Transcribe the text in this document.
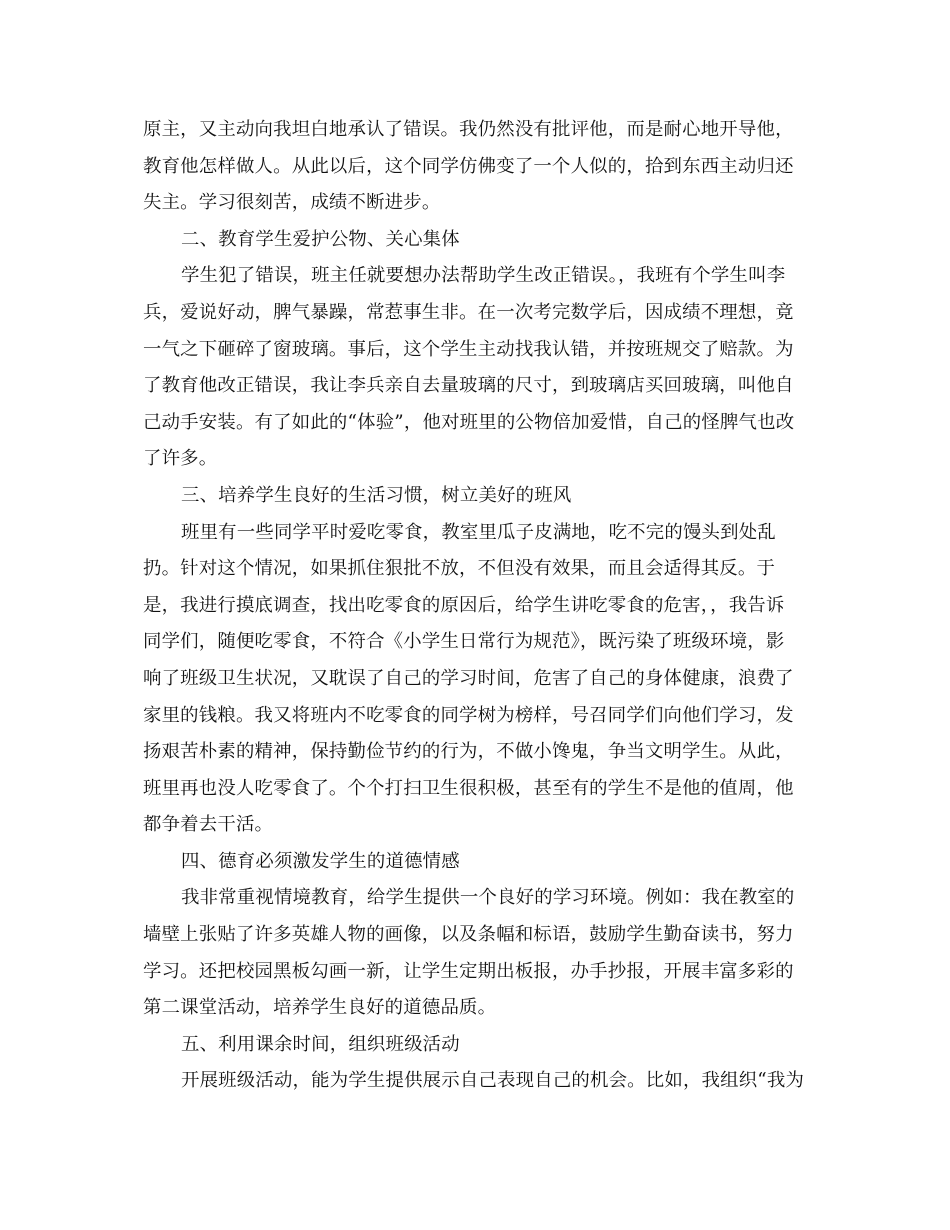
原主，又主动向我坦白地承认了错误。我仍然没有批评他，而是耐心地开导他，
教育他怎样做人。从此以后，这个同学仿佛变了一个人似的，拾到东西主动归还
失主。学习很刻苦，成绩不断进步。
二、教育学生爱护公物、关心集体
学生犯了错误，班主任就要想办法帮助学生改正错误。，我班有个学生叫李
兵，爱说好动，脾气暴躁，常惹事生非。在一次考完数学后，因成绩不理想，竟
一气之下砸碎了窗玻璃。事后，这个学生主动找我认错，并按班规交了赔款。为
了教育他改正错误，我让李兵亲自去量玻璃的尺寸，到玻璃店买回玻璃，叫他自
己动手安装。有了如此的“体验”，他对班里的公物倍加爱惜，自己的怪脾气也改
了许多。
三、培养学生良好的生活习惯，树立美好的班风
班里有一些同学平时爱吃零食，教室里瓜子皮满地，吃不完的馒头到处乱
扔。针对这个情况，如果抓住狠批不放，不但没有效果，而且会适得其反。于
是，我进行摸底调查，找出吃零食的原因后，给学生讲吃零食的危害，，我告诉
同学们，随便吃零食，不符合《小学生日常行为规范》，既污染了班级环境，影
响了班级卫生状况，又耽误了自己的学习时间，危害了自己的身体健康，浪费了
家里的钱粮。我又将班内不吃零食的同学树为榜样，号召同学们向他们学习，发
扬艰苦朴素的精神，保持勤俭节约的行为，不做小馋鬼，争当文明学生。从此，
班里再也没人吃零食了。个个打扫卫生很积极，甚至有的学生不是他的值周，他
都争着去干活。
四、德育必须激发学生的道德情感
我非常重视情境教育，给学生提供一个良好的学习环境。例如：我在教室的
墙壁上张贴了许多英雄人物的画像，以及条幅和标语，鼓励学生勤奋读书，努力
学习。还把校园黑板勾画一新，让学生定期出板报，办手抄报，开展丰富多彩的
第二课堂活动，培养学生良好的道德品质。
五、利用课余时间，组织班级活动
开展班级活动，能为学生提供展示自己表现自己的机会。比如，我组织“我为
